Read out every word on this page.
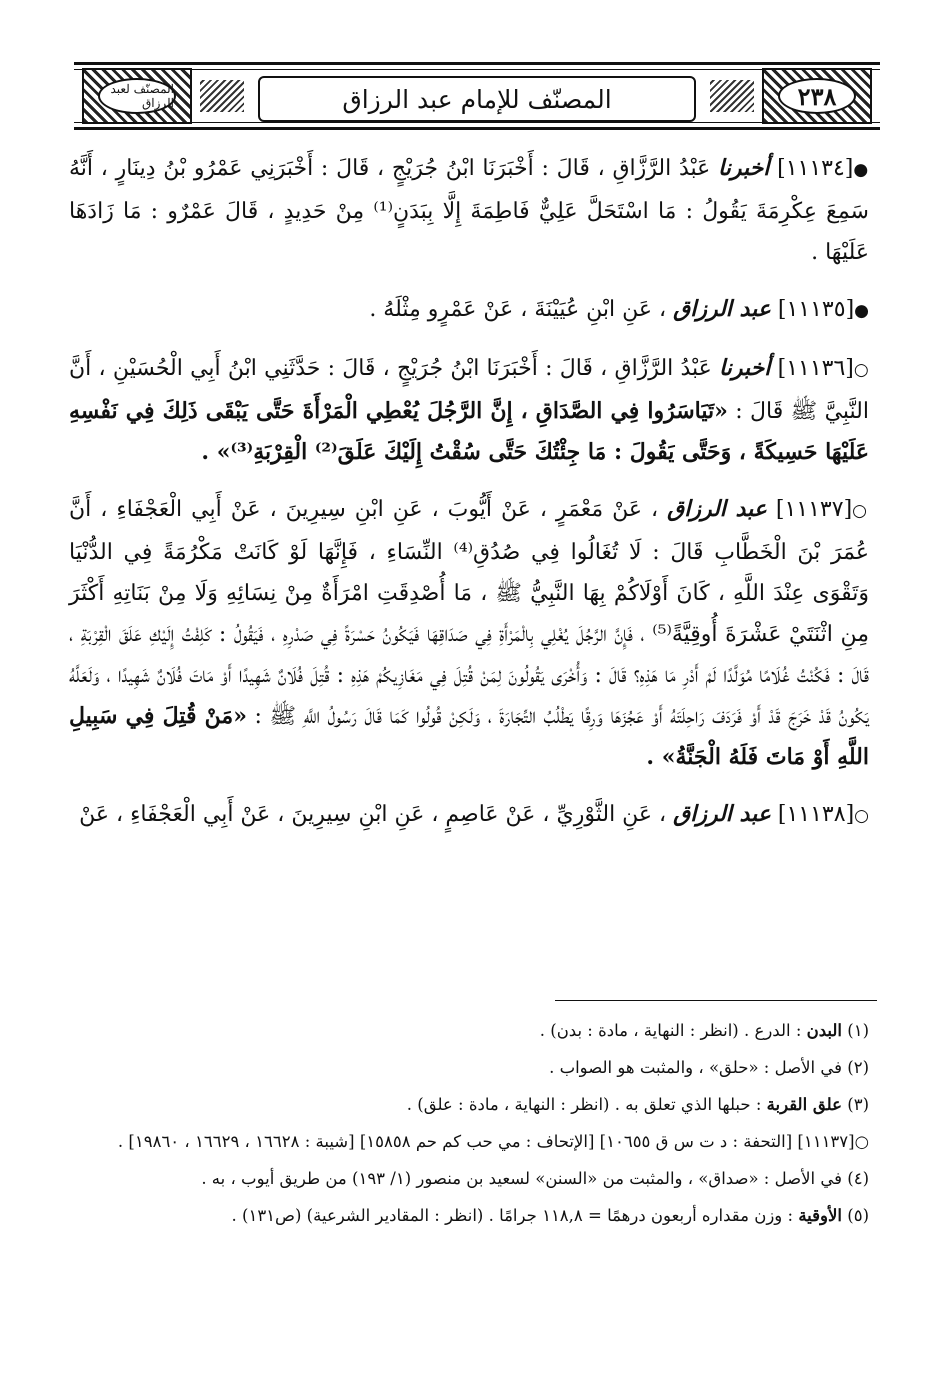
المصنّف لعبد الرزاق	المصنّف للإمام عبد الرزاق	٢٣٨

●[١١١٣٤] أخبرنا عَبْدُ الرَّزَّاقِ ، قَالَ : أَخْبَرَنَا ابْنُ جُرَيْجٍ ، قَالَ : أَخْبَرَنِي عَمْرُو بْنُ دِينَارٍ ، أَنَّهُ سَمِعَ عِكْرِمَةَ يَقُولُ : مَا اسْتَحَلَّ عَلِيٌّ فَاطِمَةَ إِلَّا بِبَدَنٍ⁽¹⁾ مِنْ حَدِيدٍ ، قَالَ عَمْرٌو : مَا زَادَهَا عَلَيْهَا .

●[١١١٣٥] عبد الرزاق ، عَنِ ابْنِ عُيَيْنَةَ ، عَنْ عَمْرٍو مِثْلَهُ .

○[١١١٣٦] أخبرنا عَبْدُ الرَّزَّاقِ ، قَالَ : أَخْبَرَنَا ابْنُ جُرَيْجٍ ، قَالَ : حَدَّثَنِي ابْنُ أَبِي الْحُسَيْنِ ، أَنَّ النَّبِيَّ ﷺ قَالَ : «تَيَاسَرُوا فِي الصَّدَاقِ ، إِنَّ الرَّجُلَ يُعْطِي الْمَرْأَةَ حَتَّى يَبْقَى ذَلِكَ فِي نَفْسِهِ عَلَيْهَا حَسِيكَةً ، وَحَتَّى يَقُولَ : مَا جِئْتُكَ حَتَّى سُقْتُ إِلَيْكَ عَلَقَ⁽²⁾ الْقِرْبَةِ⁽³⁾» .

○[١١١٣٧] عبد الرزاق ، عَنْ مَعْمَرٍ ، عَنْ أَيُّوبَ ، عَنِ ابْنِ سِيرِينَ ، عَنْ أَبِي الْعَجْفَاءِ ، أَنَّ عُمَرَ بْنَ الْخَطَّابِ قَالَ : لَا تُغَالُوا فِي صُدُقِ⁽⁴⁾ النِّسَاءِ ، فَإِنَّهَا لَوْ كَانَتْ مَكْرُمَةً فِي الدُّنْيَا وَتَقْوَى عِنْدَ اللَّهِ ، كَانَ أَوْلَاكُمْ بِهَا النَّبِيُّ ﷺ ، مَا أُصْدِقَتِ امْرَأَةٌ مِنْ نِسَائِهِ وَلَا مِنْ بَنَاتِهِ أَكْثَرَ مِنِ اثْنَتَيْ عَشْرَةَ أُوقِيَّةً⁽⁵⁾ ، فَإِنَّ الرَّجُلَ يُغْلِي بِالْمَرْأَةِ فِي صَدَاقِهَا فَيَكُونُ حَسْرَةً فِي صَدْرِهِ ، فَيَقُولُ : كَلِفْتُ إِلَيْكِ عَلَقَ الْقِرْبَةِ ، قَالَ : فَكُنْتُ غُلَامًا مُوَلَّدًا لَمْ أَدْرِ مَا هَذِهِ؟ قَالَ : وَأُخْرَى يَقُولُونَ لِمَنْ قُتِلَ فِي مَغَازِيكُمْ هَذِهِ : قُتِلَ فُلَانٌ شَهِيدًا أَوْ مَاتَ فُلَانٌ شَهِيدًا ، وَلَعَلَّهُ يَكُونُ قَدْ خَرَجَ قَدْ أَوْ فَرَدَفَ رَاحِلَتَهُ أَوْ عَجُزَهَا وَرِقًا يَطْلُبُ التِّجَارَةَ ، وَلَكِنْ قُولُوا كَمَا قَالَ رَسُولُ اللَّهِ ﷺ : «مَنْ قُتِلَ فِي سَبِيلِ اللَّهِ أَوْ مَاتَ فَلَهُ الْجَنَّةُ» .

○[١١١٣٨] عبد الرزاق ، عَنِ الثَّوْرِيِّ ، عَنْ عَاصِمٍ ، عَنِ ابْنِ سِيرِينَ ، عَنْ أَبِي الْعَجْفَاءِ ، عَنْ

(١) البدن : الدرع . (انظر : النهاية ، مادة : بدن) .

(٢) في الأصل : «حلق» ، والمثبت هو الصواب .

(٣) علق القربة : حبلها الذي تعلق به . (انظر : النهاية ، مادة : علق) .

○[١١١٣٧] [التحفة : د ت س ق ١٠٦٥٥] [الإتحاف : مي حب كم حم ١٥٨٥٨] [شيبة : ١٦٦٢٨ ، ١٦٦٢٩ ، ١٩٨٦٠] .

(٤) في الأصل : «صداق» ، والمثبت من «السنن» لسعيد بن منصور (١/ ١٩٣) من طريق أيوب ، به .

(٥) الأوقية : وزن مقداره أربعون درهمًا = ١١٨,٨ جرامًا . (انظر : المقادير الشرعية) (ص١٣١) .
